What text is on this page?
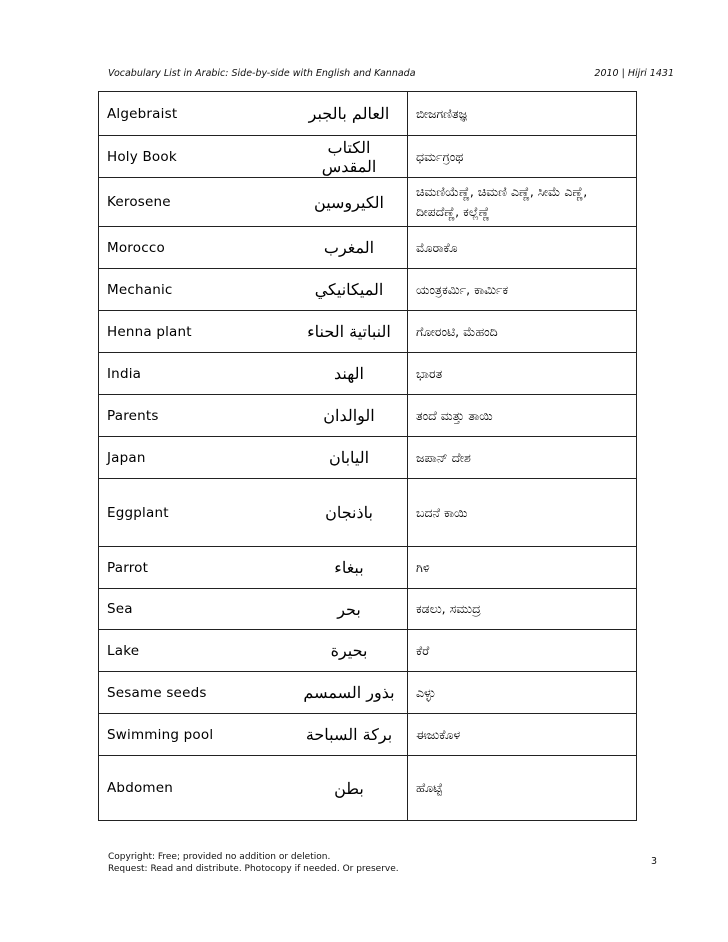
Vocabulary List in Arabic: Side-by-side with English and Kannada	2010 | Hijri 1431
Algebraist	العالم بالجبر	ಬೀಜಗಣಿತಜ್ಞ
Holy Book	الكتاب المقدس	ಧರ್ಮಗ್ರಂಥ
Kerosene	الكيروسين	ಚಿಮಣಿಯೆಣ್ಣೆ, ಚಿಮಣಿ ಎಣ್ಣೆ, ಸೀಮೆ ಎಣ್ಣೆ, ದೀಪದೆಣ್ಣೆ, ಕಲ್ಲೆಣ್ಣೆ
Morocco	المغرب	ಮೊರಾಕೊ
Mechanic	الميكانيكي	ಯಂತ್ರಕರ್ಮಿ, ಕಾರ್ಮಿಕ
Henna plant	النباتية الحناء	ಗೋರಂಟಿ, ಮೆಹಂದಿ
India	الهند	ಭಾರತ
Parents	الوالدان	ತಂದೆ ಮತ್ತು ತಾಯಿ
Japan	اليابان	ಜಪಾನ್ ದೇಶ
Eggplant	باذنجان	ಬದನೆ ಕಾಯಿ
Parrot	ببغاء	ಗಿಳಿ
Sea	بحر	ಕಡಲು, ಸಮುದ್ರ
Lake	بحيرة	ಕೆರೆ
Sesame seeds	بذور السمسم	ಎಳ್ಳು
Swimming pool	بركة السباحة	ಈಜುಕೊಳ
Abdomen	بطن	ಹೊಟ್ಟೆ
Copyright: Free; provided no addition or deletion.
Request: Read and distribute. Photocopy if needed. Or preserve.
3
